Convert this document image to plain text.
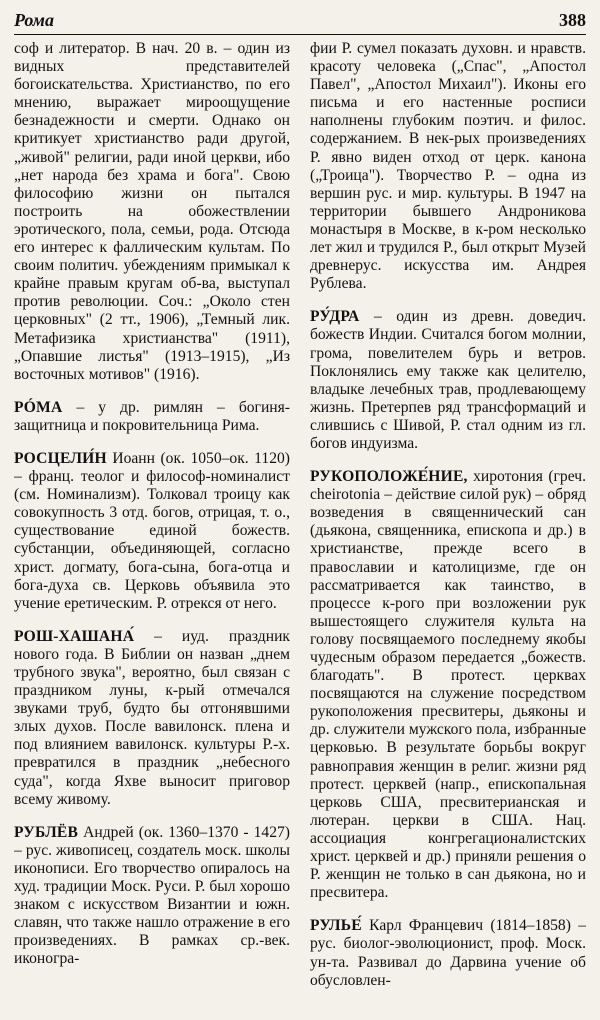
Рома	388

соф и литератор. В нач. 20 в. – один из видных представителей богоискательства. Христианство, по его мнению, выражает мироощущение безнадежности и смерти. Однако он критикует христианство ради другой, „живой" религии, ради иной церкви, ибо „нет народа без храма и бога". Свою философию жизни он пытался построить на обожествлении эротического, пола, семьи, рода. Отсюда его интерес к фаллическим культам. По своим политич. убеждениям примыкал к крайне правым кругам об-ва, выступал против революции. Соч.: „Около стен церковных" (2 тт., 1906), „Темный лик. Метафизика христианства" (1911), „Опавшие листья" (1913–1915), „Из восточных мотивов" (1916).

РÓМА – у др. римлян – богиня-защитница и покровительница Рима.

РОСЦЕЛИ́Н Иоанн (ок. 1050–ок. 1120) – франц. теолог и философ-номиналист (см. Номинализм). Толковал троицу как совокупность 3 отд. богов, отрицая, т. о., существование единой божеств. субстанции, объединяющей, согласно христ. догмату, бога-сына, бога-отца и бога-духа св. Церковь объявила это учение еретическим. Р. отрекся от него.

РОШ-ХАШАНА́ – иуд. праздник нового года. В Библии он назван „днем трубного звука", вероятно, был связан с праздником луны, к-рый отмечался звуками труб, будто бы отгонявшими злых духов. После вавилонск. плена и под влиянием вавилонск. культуры Р.-х. превратился в праздник „небесного суда", когда Яхве выносит приговор всему живому.

РУБЛЁВ Андрей (ок. 1360–1370 - 1427) – рус. живописец, создатель моск. школы иконописи. Его творчество опиралось на худ. традиции Моск. Руси. Р. был хорошо знаком с искусством Византии и южн. славян, что также нашло отражение в его произведениях. В рамках ср.-век. иконогра-

фии Р. сумел показать духовн. и нравств. красоту человека („Спас", „Апостол Павел", „Апостол Михаил"). Иконы его письма и его настенные росписи наполнены глубоким поэтич. и филос. содержанием. В нек-рых произведениях Р. явно виден отход от церк. канона („Троица"). Творчество Р. – одна из вершин рус. и мир. культуры. В 1947 на территории бывшего Андроникова монастыря в Москве, в к-ром несколько лет жил и трудился Р., был открыт Музей древнерус. искусства им. Андрея Рублева.

РУ́ДРА – один из древн. доведич. божеств Индии. Считался богом молнии, грома, повелителем бурь и ветров. Поклонялись ему также как целителю, владыке лечебных трав, продлевающему жизнь. Претерпев ряд трансформаций и слившись с Шивой, Р. стал одним из гл. богов индуизма.

РУКОПОЛОЖЕ́НИЕ, хиротония (греч. cheirotonia – действие силой рук) – обряд возведения в священнический сан (дьякона, священника, епископа и др.) в христианстве, прежде всего в православии и католицизме, где он рассматривается как таинство, в процессе к-рого при возложении рук вышестоящего служителя культа на голову посвящаемого последнему якобы чудесным образом передается „божеств. благодать". В протест. церквах посвящаются на служение посредством рукоположения пресвитеры, дьяконы и др. служители мужского пола, избранные церковью. В результате борьбы вокруг равноправия женщин в религ. жизни ряд протест. церквей (напр., епископальная церковь США, пресвитерианская и лютеран. церкви в США. Нац. ассоциация конгрегационалистских христ. церквей и др.) приняли решения о Р. женщин не только в сан дьякона, но и пресвитера.

РУЛЬЕ́ Карл Францевич (1814–1858) – рус. биолог-эволюционист, проф. Моск. ун-та. Развивал до Дарвина учение об обусловлен-
